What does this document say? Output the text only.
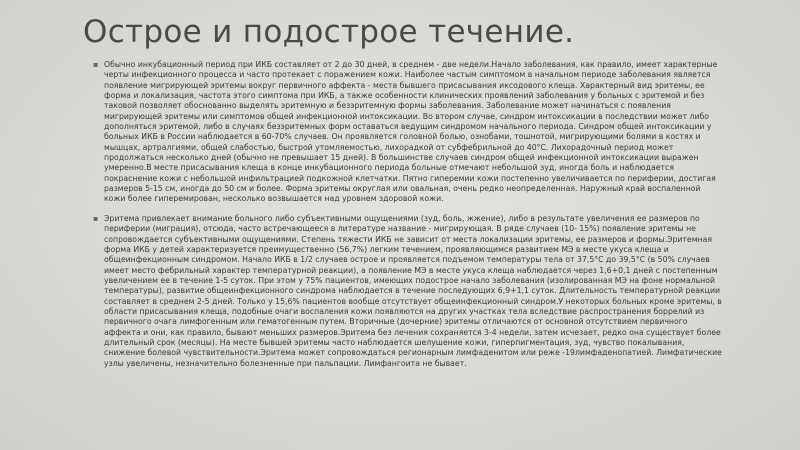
Острое и подострое течение.

▪ Обычно инкубационный период при ИКБ составляет от 2 до 30 дней, в среднем - две недели.Начало заболевания, как правило, имеет характерные черты инфекционного процесса и часто протекает с поражением кожи. Наиболее частым симптомом в начальном периоде заболевания является появление мигрирующей эритемы вокруг первичного аффекта - места бывшего присасывания иксодового клеща. Характерный вид эритемы, ее форма и локализация, частота этого симптома при ИКБ, а также особенности клинических проявлений заболевания у больных с эритемой и без таковой позволяет обоснованно выделять эритемную и безэритемную формы заболевания. Заболевание может начинаться с появления мигрирующей эритемы или симптомов общей инфекционной интоксикации. Во втором случае, синдром интоксикации в последствии может либо дополняться эритемой, либо в случаях безэритемных форм оставаться ведущим синдромом начального периода. Синдром общей интоксикации у больных ИКБ в России наблюдается в 60-70% случаев. Он проявляется головной болью, ознобами, тошнотой, мигрирующими болями в костях и мышцах, артралгиями, общей слабостью, быстрой утомляемостью, лихорадкой от субфебрильной до 40°С. Лихорадочный период может продолжаться несколько дней (обычно не превышает 15 дней). В большинстве случаев синдром общей инфекционной интоксикации выражен умеренно.В месте присасывания клеща в конце инкубационного периода больные отмечают небольшой зуд, иногда боль и наблюдается покраснение кожи с небольшой инфильтрацией подкожной клетчатки. Пятно гиперемии кожи постепенно увеличивается по периферии, достигая размеров 5-15 см, иногда до 50 см и более. Форма эритемы округлая или овальная, очень редко неопределенная. Наружный край воспаленной кожи более гиперемирован, несколько возвышается над уровнем здоровой кожи.

▪ Эритема привлекает внимание больного либо субъективными ощущениями (зуд, боль, жжение), либо в результате увеличения ее размеров по периферии (миграция), отсюда, часто встречающееся в литературе название - мигрирующая. В ряде случаев (10- 15%) появление эритемы не сопровождается субъективными ощущениями. Степень тяжести ИКБ не зависит от места локализации эритемы, ее размеров и формы.Эритемная форма ИКБ у детей характеризуется преимущественно (56,7%) легким течением, проявляющимся развитием МЭ в месте укуса клеща и общеинфекционным синдромом. Начало ИКБ в 1/2 случаев острое и проявляется подъемом температуры тела от 37,5°С до 39,5°С (в 50% случаев имеет место фебрильный характер температурной реакции), а появление МЭ в месте укуса клеща наблюдается через 1,6+0,1 дней с постепенным увеличением ее в течение 1-5 суток. При этом у 75% пациентов, имеющих подострое начало заболевания (изолированная МЭ на фоне нормальной температуры), развитие общеинфекционного синдрома наблюдается в течение последующих 6,9+1,1 суток. Длительность температурной реакции составляет в среднем 2-5 дней. Только у 15,6% пациентов вообще отсутствует общеинфекционный синдром.У некоторых больных кроме эритемы, в области присасывания клеща, подобные очаги воспаления кожи появляются на других участках тела вследствие распространения боррелий из первичного очага лимфогенным или гематогенным путем. Вторичные (дочерние) эритемы отличаются от основной отсутствием первичного аффекта и они, как правило, бывают меньших размеров.Эритема без лечения сохраняется 3-4 недели, затем исчезает, редко она существует более длительный срок (месяцы). На месте бывшей эритемы часто наблюдается шелушение кожи, гиперпигментация, зуд, чувство покалывания, снижение болевой чувствительности.Эритема может сопровождаться регионарным лимфаденитом или реже -19лимфаденопатией. Лимфатические узлы увеличены, незначительно болезненные при пальпации. Лимфангоита не бывает.
